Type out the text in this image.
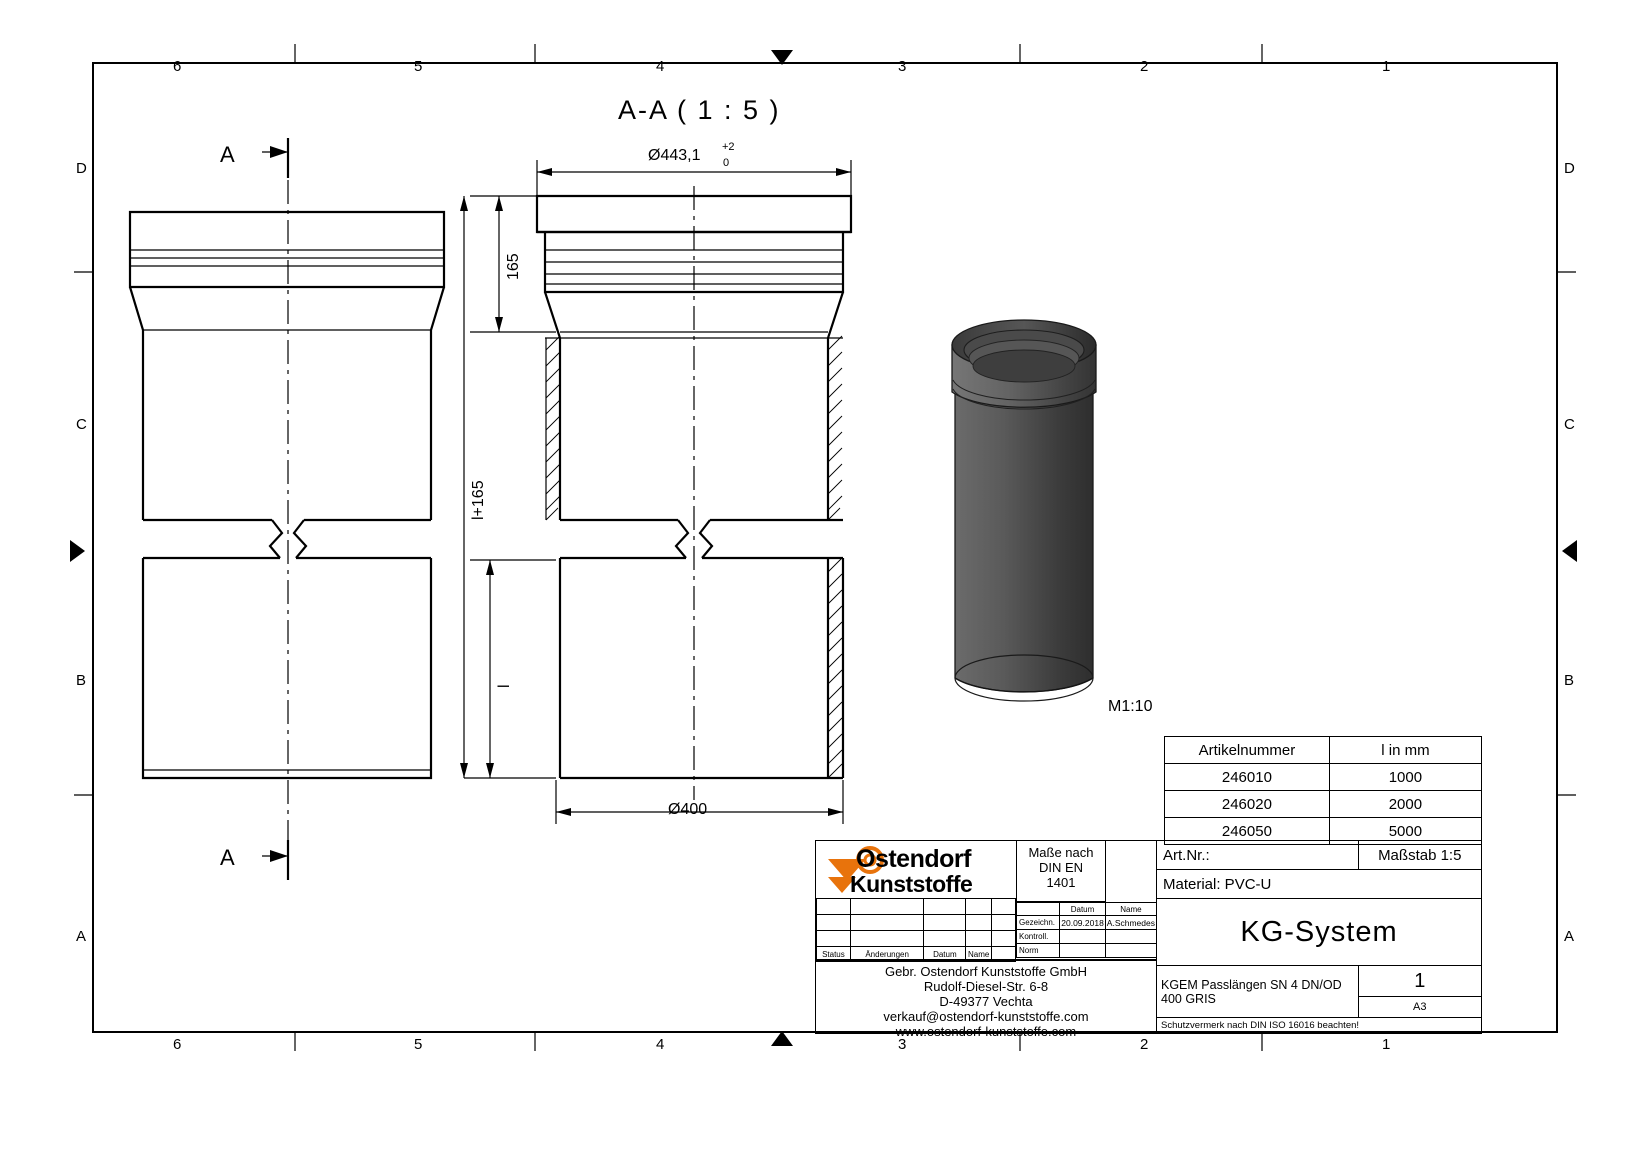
6	5	4	3	2	1
6	5	4	3	2	1
D
C
B
A
D
C
B
A
A-A ( 1 : 5 )
A
A
Ø443,1 +2
0
165
l+165
l
Ø400
M1:10
Artikelnummer	l in mm
246010	1000
246020	2000
246050	5000
Art.Nr.:	Maßstab 1:5
Material: PVC-U	
KG-System	
KGEM Passlängen SN 4 DN/OD 400 GRIS	1
	A3
Schutzvermerk nach DIN ISO 16016 beachten!	
Ostendorf
Kunststoffe
Maße nach
DIN EN
1401
	Datum	Name
Gezeichn.	20.09.2018	A.Schmedes
Kontroll.		
Norm		

Status	Änderungen	Datum	Name	
Gebr. Ostendorf Kunststoffe GmbH
Rudolf-Diesel-Str. 6-8
D-49377 Vechta
verkauf@ostendorf-kunststoffe.com
www.ostendorf-kunststoffe.com
